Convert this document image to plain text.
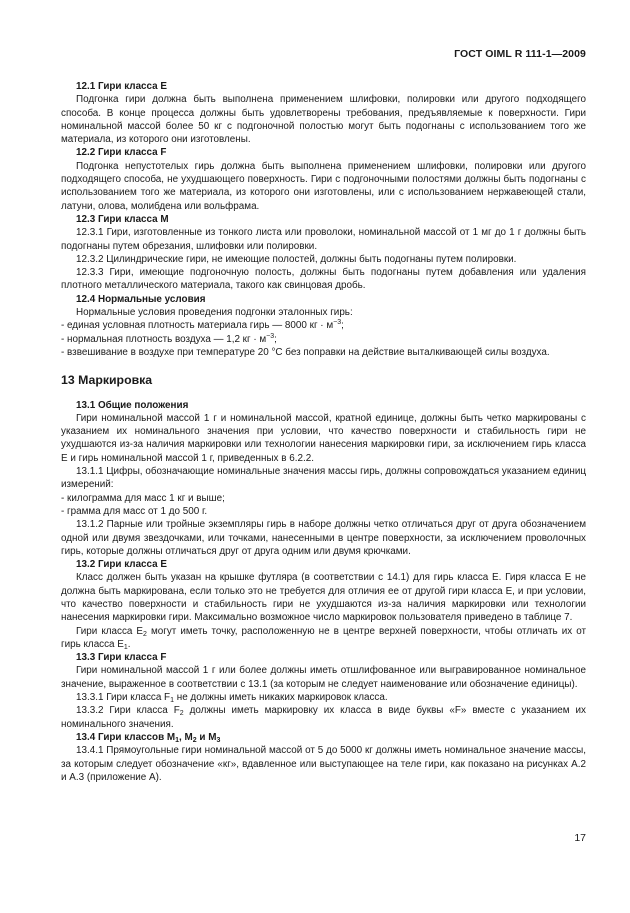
ГОСТ OIML R 111-1—2009
12.1 Гири класса Е

Подгонка гири должна быть выполнена применением шлифовки, полировки или другого подходящего способа. В конце процесса должны быть удовлетворены требования, предъявляемые к поверхности. Гири номинальной массой более 50 кг с подгоночной полостью могут быть подогнаны с использованием того же материала, из которого они изготовлены.

12.2 Гири класса F

Подгонка непустотелых гирь должна быть выполнена применением шлифовки, полировки или другого подходящего способа, не ухудшающего поверхность. Гири с подгоночными полостями должны быть подогнаны с использованием того же материала, из которого они изготовлены, или с использованием нержавеющей стали, латуни, олова, молибдена или вольфрама.

12.3 Гири класса М

12.3.1 Гири, изготовленные из тонкого листа или проволоки, номинальной массой от 1 мг до 1 г должны быть подогнаны путем обрезания, шлифовки или полировки.

12.3.2 Цилиндрические гири, не имеющие полостей, должны быть подогнаны путем полировки.

12.3.3 Гири, имеющие подгоночную полость, должны быть подогнаны путем добавления или удаления плотного металлического материала, такого как свинцовая дробь.

12.4 Нормальные условия

Нормальные условия проведения подгонки эталонных гирь:

- единая условная плотность материала гирь — 8000 кг · $м^{-3}$;

- нормальная плотность воздуха — 1,2 кг · $м^{-3}$;

- взвешивание в воздухе при температуре 20 °С без поправки на действие выталкивающей силы воздуха.

13 Маркировка
13.1 Общие положения

Гири номинальной массой 1 г и номинальной массой, кратной единице, должны быть четко маркированы с указанием их номинального значения при условии, что качество поверхности и стабильность гири не ухудшаются из-за наличия маркировки или технологии нанесения маркировки гири, за исключением гирь класса Е и гирь номинальной массой 1 г, приведенных в 6.2.2.

13.1.1 Цифры, обозначающие номинальные значения массы гирь, должны сопровождаться указанием единиц измерений:

- килограмма для масс 1 кг и выше;

- грамма для масс от 1 до 500 г.

13.1.2 Парные или тройные экземпляры гирь в наборе должны четко отличаться друг от друга обозначением одной или двумя звездочками, или точками, нанесенными в центре поверхности, за исключением проволочных гирь, которые должны отличаться друг от друга одним или двумя крючками.

13.2 Гири класса Е

Класс должен быть указан на крышке футляра (в соответствии с 14.1) для гирь класса Е. Гиря класса Е не должна быть маркирована, если только это не требуется для отличия ее от другой гири класса Е, и при условии, что качество поверхности и стабильность гири не ухудшаются из-за наличия маркировки или технологии нанесения маркировки гири. Максимально возможное число маркировок пользователя приведено в таблице 7.

Гири класса $Е_2$ могут иметь точку, расположенную не в центре верхней поверхности, чтобы отличать их от гирь класса $Е_1$.

13.3 Гири класса F

Гири номинальной массой 1 г или более должны иметь отшлифованное или выгравированное номинальное значение, выраженное в соответствии с 13.1 (за которым не следует наименование или обозначение единицы).

13.3.1 Гири класса $F_1$ не должны иметь никаких маркировок класса.

13.3.2 Гири класса $F_2$ должны иметь маркировку их класса в виде буквы «F» вместе с указанием их номинального значения.

13.4 Гири классов $М_1$, $М_2$ и $М_3$

13.4.1 Прямоугольные гири номинальной массой от 5 до 5000 кг должны иметь номинальное значение массы, за которым следует обозначение «кг», вдавленное или выступающее на теле гири, как показано на рисунках А.2 и А.3 (приложение А).

17
